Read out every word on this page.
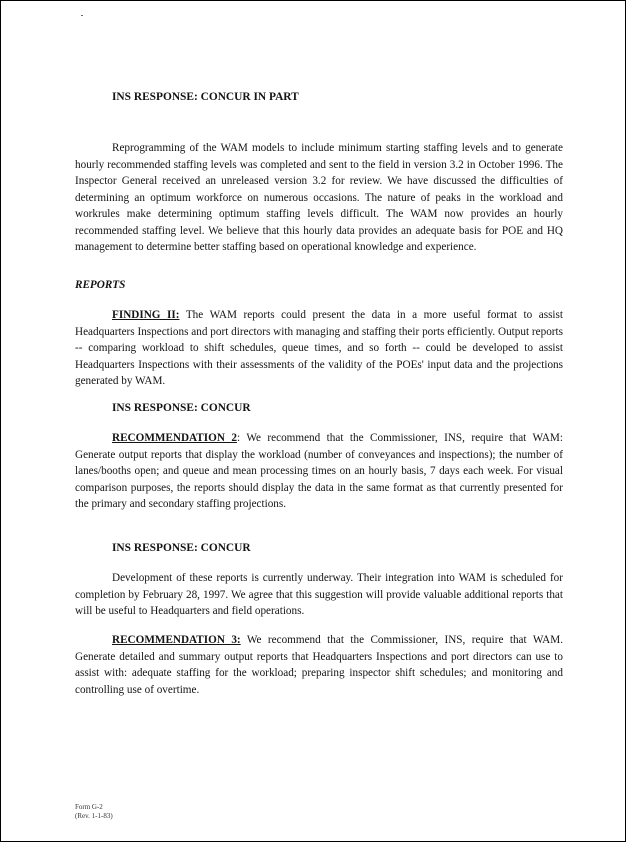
INS RESPONSE: CONCUR IN PART

Reprogramming of the WAM models to include minimum starting staffing levels and to generate hourly recommended staffing levels was completed and sent to the field in version 3.2 in October 1996. The Inspector General received an unreleased version 3.2 for review. We have discussed the difficulties of determining an optimum workforce on numerous occasions. The nature of peaks in the workload and workrules make determining optimum staffing levels difficult. The WAM now provides an hourly recommended staffing level. We believe that this hourly data provides an adequate basis for POE and HQ management to determine better staffing based on operational knowledge and experience.

REPORTS

FINDING II: The WAM reports could present the data in a more useful format to assist Headquarters Inspections and port directors with managing and staffing their ports efficiently. Output reports -- comparing workload to shift schedules, queue times, and so forth -- could be developed to assist Headquarters Inspections with their assessments of the validity of the POEs' input data and the projections generated by WAM.

INS RESPONSE: CONCUR

RECOMMENDATION 2: We recommend that the Commissioner, INS, require that WAM: Generate output reports that display the workload (number of conveyances and inspections); the number of lanes/booths open; and queue and mean processing times on an hourly basis, 7 days each week. For visual comparison purposes, the reports should display the data in the same format as that currently presented for the primary and secondary staffing projections.

INS RESPONSE: CONCUR

Development of these reports is currently underway. Their integration into WAM is scheduled for completion by February 28, 1997. We agree that this suggestion will provide valuable additional reports that will be useful to Headquarters and field operations.

RECOMMENDATION 3: We recommend that the Commissioner, INS, require that WAM. Generate detailed and summary output reports that Headquarters Inspections and port directors can use to assist with: adequate staffing for the workload; preparing inspector shift schedules; and monitoring and controlling use of overtime.

Form G-2
(Rev. 1-1-83)
